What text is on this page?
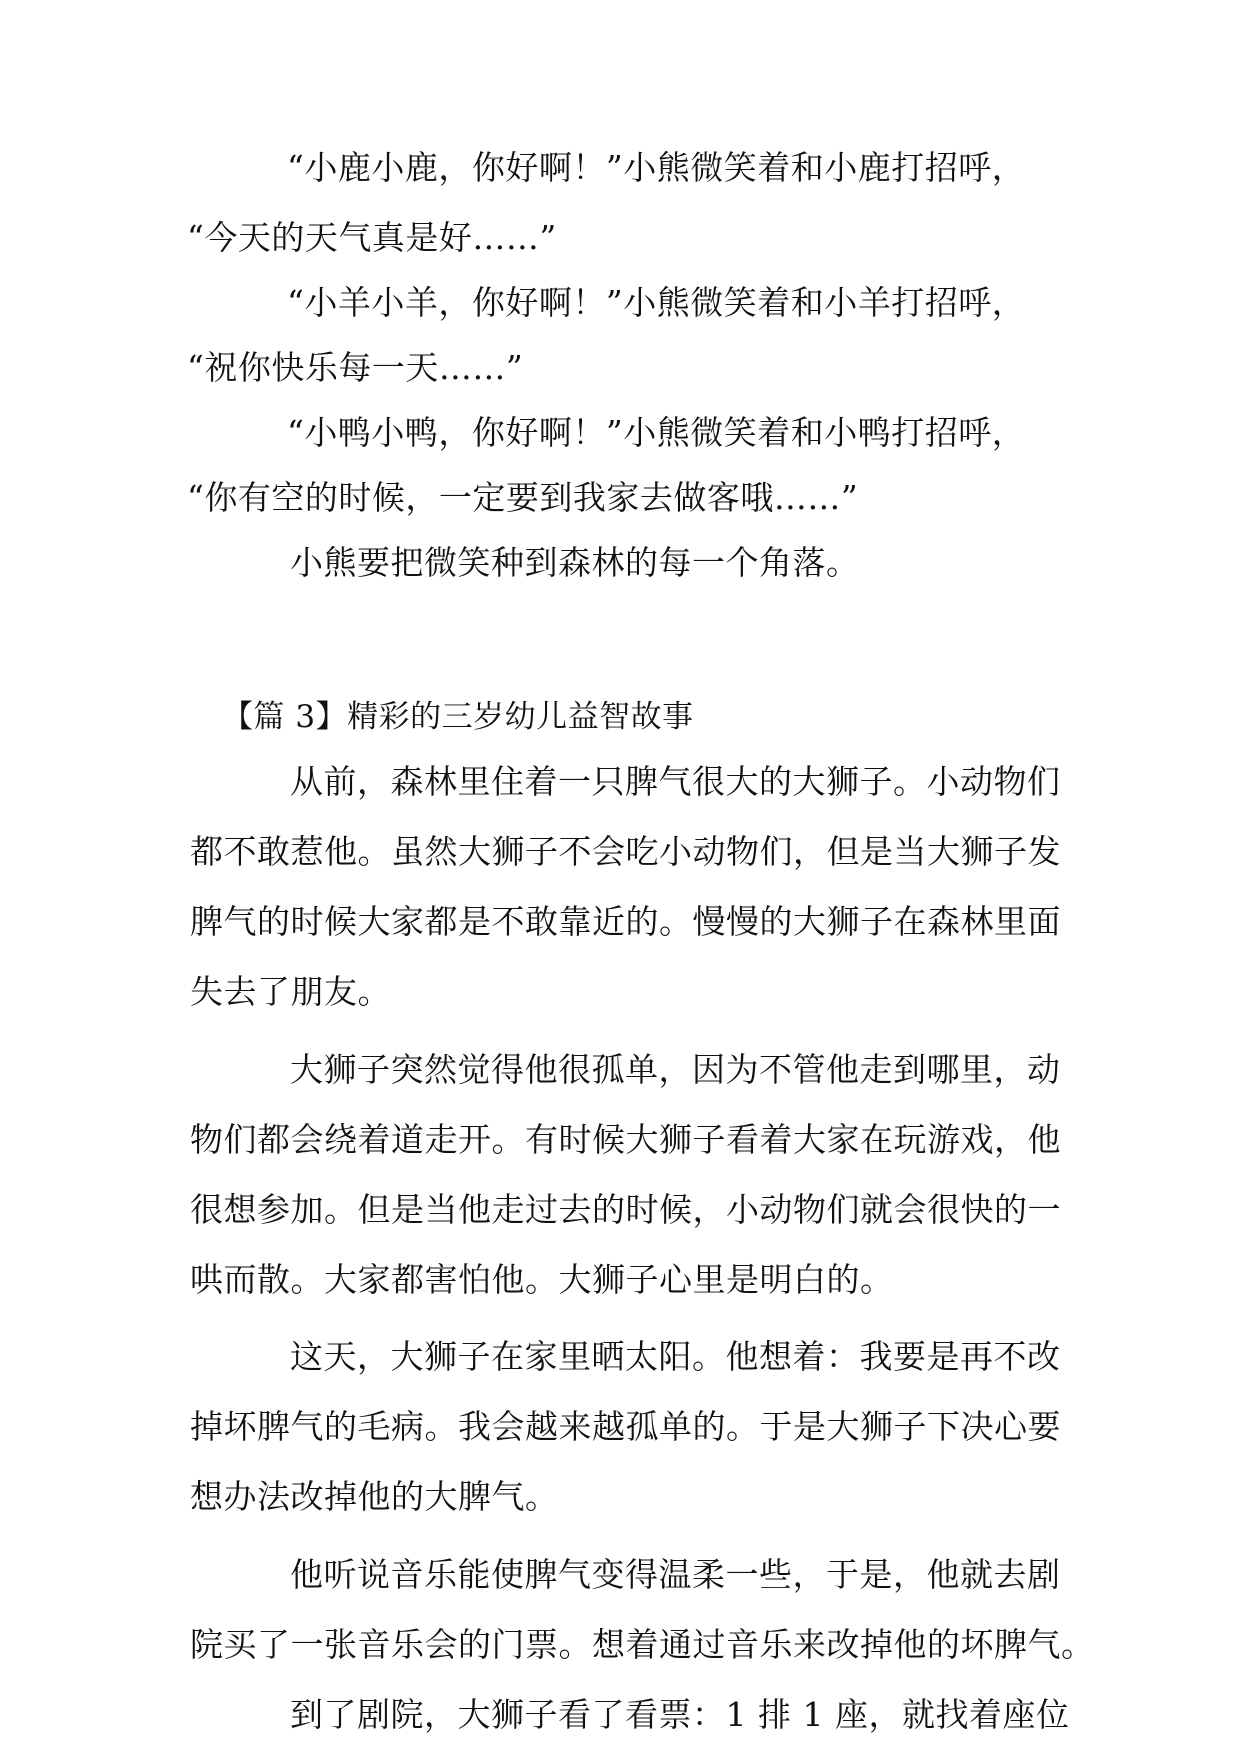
“小鹿小鹿，你好啊！”小熊微笑着和小鹿打招呼，
“今天的天气真是好……”
“小羊小羊，你好啊！”小熊微笑着和小羊打招呼，
“祝你快乐每一天……”
“小鸭小鸭，你好啊！”小熊微笑着和小鸭打招呼，
“你有空的时候，一定要到我家去做客哦……”
小熊要把微笑种到森林的每一个角落。
【篇 3】精彩的三岁幼儿益智故事
从前，森林里住着一只脾气很大的大狮子。小动物们
都不敢惹他。虽然大狮子不会吃小动物们，但是当大狮子发
脾气的时候大家都是不敢靠近的。慢慢的大狮子在森林里面
失去了朋友。
大狮子突然觉得他很孤单，因为不管他走到哪里，动
物们都会绕着道走开。有时候大狮子看着大家在玩游戏，他
很想参加。但是当他走过去的时候，小动物们就会很快的一
哄而散。大家都害怕他。大狮子心里是明白的。
这天，大狮子在家里晒太阳。他想着：我要是再不改
掉坏脾气的毛病。我会越来越孤单的。于是大狮子下决心要
想办法改掉他的大脾气。
他听说音乐能使脾气变得温柔一些，于是，他就去剧
院买了一张音乐会的门票。想着通过音乐来改掉他的坏脾气。
到了剧院，大狮子看了看票：1 排 1 座，就找着座位
